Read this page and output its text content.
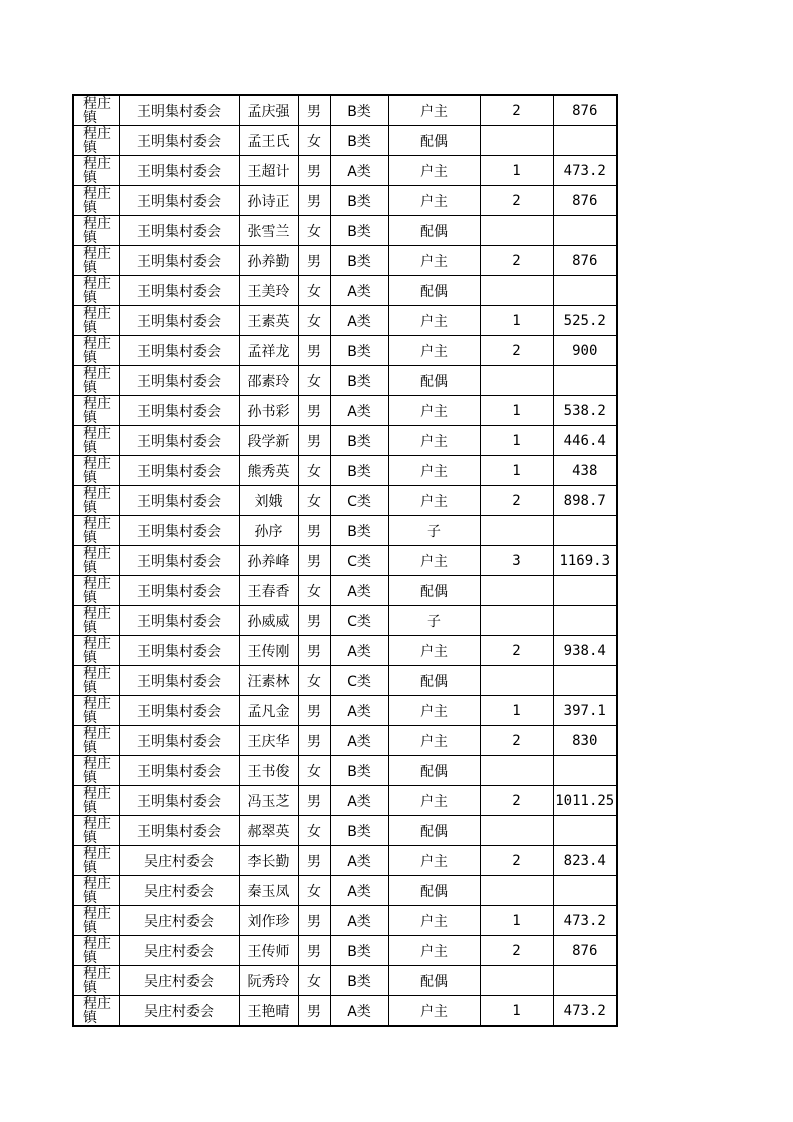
程庄镇	王明集村委会	孟庆强	男	B类	户主	2	876

程庄镇	王明集村委会	孟王氏	女	B类	配偶		

程庄镇	王明集村委会	王超计	男	A类	户主	1	473.2

程庄镇	王明集村委会	孙诗正	男	B类	户主	2	876

程庄镇	王明集村委会	张雪兰	女	B类	配偶		

程庄镇	王明集村委会	孙养勤	男	B类	户主	2	876

程庄镇	王明集村委会	王美玲	女	A类	配偶		

程庄镇	王明集村委会	王素英	女	A类	户主	1	525.2

程庄镇	王明集村委会	孟祥龙	男	B类	户主	2	900

程庄镇	王明集村委会	邵素玲	女	B类	配偶		

程庄镇	王明集村委会	孙书彩	男	A类	户主	1	538.2

程庄镇	王明集村委会	段学新	男	B类	户主	1	446.4

程庄镇	王明集村委会	熊秀英	女	B类	户主	1	438

程庄镇	王明集村委会	刘娥	女	C类	户主	2	898.7

程庄镇	王明集村委会	孙序	男	B类	子		

程庄镇	王明集村委会	孙养峰	男	C类	户主	3	1169.3

程庄镇	王明集村委会	王春香	女	A类	配偶		

程庄镇	王明集村委会	孙威威	男	C类	子		

程庄镇	王明集村委会	王传刚	男	A类	户主	2	938.4

程庄镇	王明集村委会	汪素林	女	C类	配偶		

程庄镇	王明集村委会	孟凡金	男	A类	户主	1	397.1

程庄镇	王明集村委会	王庆华	男	A类	户主	2	830

程庄镇	王明集村委会	王书俊	女	B类	配偶		

程庄镇	王明集村委会	冯玉芝	男	A类	户主	2	1011.25

程庄镇	王明集村委会	郝翠英	女	B类	配偶		

程庄镇	吴庄村委会	李长勤	男	A类	户主	2	823.4

程庄镇	吴庄村委会	秦玉凤	女	A类	配偶		

程庄镇	吴庄村委会	刘作珍	男	A类	户主	1	473.2

程庄镇	吴庄村委会	王传师	男	B类	户主	2	876

程庄镇	吴庄村委会	阮秀玲	女	B类	配偶		

程庄镇	吴庄村委会	王艳晴	男	A类	户主	1	473.2
